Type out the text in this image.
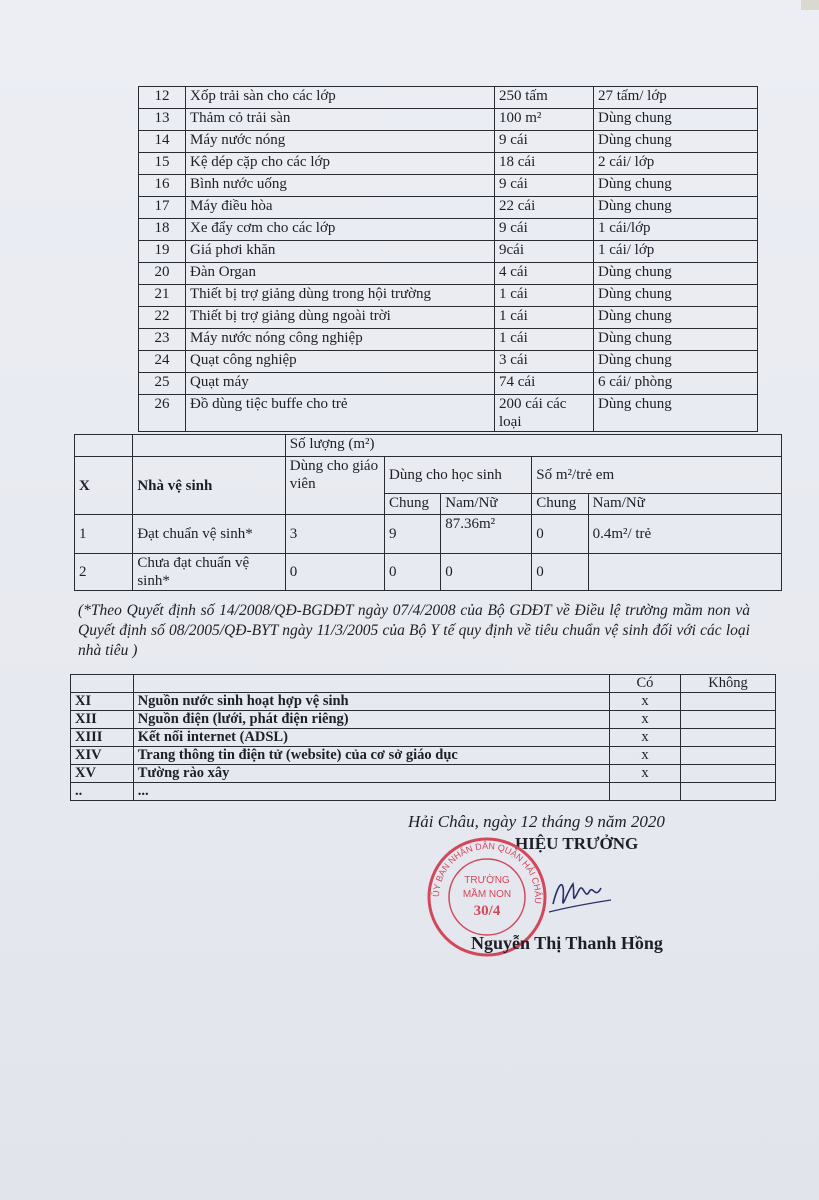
12	Xốp trải sàn cho các lớp	250 tấm	27 tấm/ lớp
13	Thảm cỏ trải sàn	100 m²	Dùng chung
14	Máy nước nóng	9 cái	Dùng chung
15	Kệ dép cặp cho các lớp	18 cái	2 cái/ lớp
16	Bình nước uống	9 cái	Dùng chung
17	Máy điều hòa	22 cái	Dùng chung
18	Xe đẩy cơm cho các lớp	9 cái	1 cái/lớp
19	Giá phơi khăn	9cái	1 cái/ lớp
20	Đàn Organ	4 cái	Dùng chung
21	Thiết bị trợ giảng dùng trong hội trường	1 cái	Dùng chung
22	Thiết bị trợ giảng dùng ngoài trời	1 cái	Dùng chung
23	Máy nước nóng công nghiệp	1 cái	Dùng chung
24	Quạt công nghiệp	3 cái	Dùng chung
25	Quạt máy	74 cái	6 cái/ phòng
26	Đồ dùng tiệc buffe cho trẻ	200 cái các loại	Dùng chung
		Số lượng (m²)				
X	Nhà vệ sinh	Dùng cho giáo viên	Dùng cho học sinh		Số m²/trẻ em	
			Chung	Nam/Nữ	Chung	Nam/Nữ
1	Đạt chuẩn vệ sinh*	3	9	87.36m²	0	0.4m²/ trẻ
2	Chưa đạt chuẩn vệ sinh*	0	0	0	0	
(*Theo Quyết định số 14/2008/QĐ-BGDĐT ngày 07/4/2008 của Bộ GDĐT về Điều lệ trường mầm non và Quyết định số 08/2005/QĐ-BYT ngày 11/3/2005 của Bộ Y tế quy định về tiêu chuẩn vệ sinh đối với các loại nhà tiêu )
		Có	Không
XI	Nguồn nước sinh hoạt hợp vệ sinh	x	
XII	Nguồn điện (lưới, phát điện riêng)	x	
XIII	Kết nối internet (ADSL)	x	
XIV	Trang thông tin điện tử (website) của cơ sở giáo dục	x	
XV	Tường rào xây	x	
..	...		
Hải Châu, ngày 12 tháng 9 năm 2020
HIỆU TRƯỞNG
ỦY BAN NHÂN DÂN QUẬN HẢI CHÂU
TRƯỜNG
MẦM NON
30/4
Nguyễn Thị Thanh Hồng
